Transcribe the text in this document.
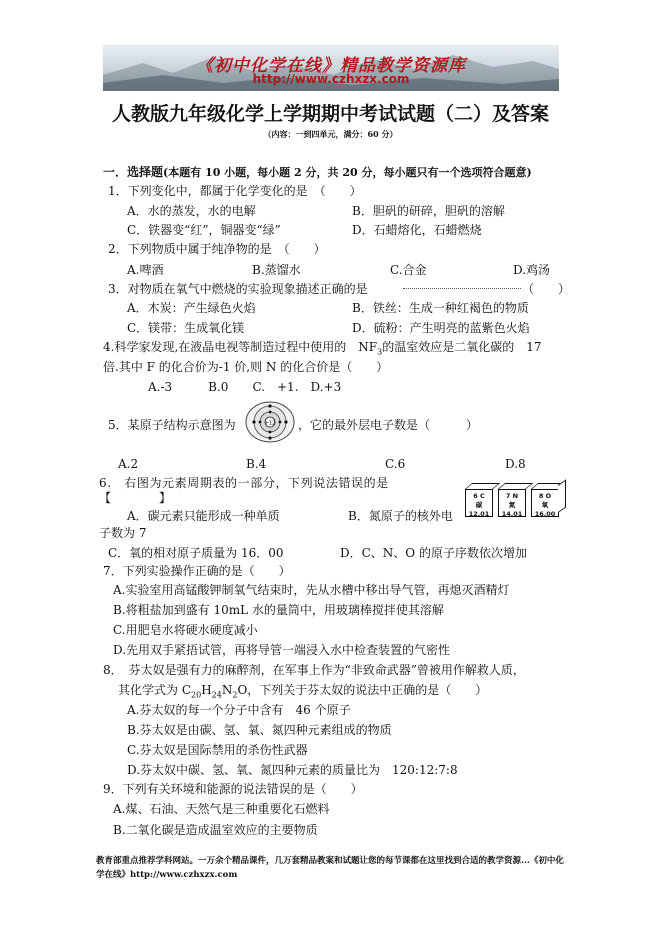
《初中化学在线》精品教学资源库
http://www.czhxzx.com
人教版九年级化学上学期期中考试试题（二）及答案
（内容：一到四单元，满分：60 分）
一．选择题(本题有 10 小题，每小题 2 分，共 20 分，每小题只有一个选项符合题意)
1．下列变化中，都属于化学变化的是　（　　）
A．水的蒸发，水的电解	B．胆矾的研碎，胆矾的溶解
C．铁器变“红”，铜器变“绿”	D．石蜡熔化，石蜡燃烧
2．下列物质中属于纯净物的是　（　　）
A.啤酒	B.蒸馏水	C.合金	D.鸡汤
3．对物质在氧气中燃烧的实验现象描述正确的是	（　　）
A．木炭：产生绿色火焰	B．铁丝：生成一种红褐色的物质
C．镁带：生成氧化镁	D．硫粉：产生明亮的蓝紫色火焰
4.科学家发现,在液晶电视等制造过程中使用的　$NF_3$的温室效应是二氧化碳的　17
倍.其中 F 的化合价为-1 价,则 N 的化合价是（　　）
A.-3　　　B.0　　C.　+1.　D.+3
5．某原子结构示意图为	+12 ，它的最外层电子数是（　　　）
A.2	B.4	C.6	D.8
6.　右图为元素周期表的一部分，下列说法错误的是
【　　　　】	6 C
碳
12.01
7 N
氮
14.01
8 O
氧
16.00
A．碳元素只能形成一种单质	B．氮原子的核外电
子数为 7
C．氧的相对原子质量为 16．00	D．C、N、O 的原子序数依次增加
7．下列实验操作正确的是（　　）
A.实验室用高锰酸钾制氧气结束时，先从水槽中移出导气管，再熄灭酒精灯
B.将粗盐加到盛有 10mL 水的量筒中，用玻璃棒搅拌使其溶解
C.用肥皂水将硬水硬度减小
D.先用双手紧捂试管，再将导管一端浸入水中检查装置的气密性
8．　芬太奴是强有力的麻醉剂，在军事上作为“非致命武器”曾被用作解救人质，
其化学式为 $C_{20}H_{24}N_2O$，下列关于芬太奴的说法中正确的是（　　）
A.芬太奴的每一个分子中含有　46 个原子
B.芬太奴是由碳、氢、氧、氮四种元素组成的物质
C.芬太奴是国际禁用的杀伤性武器
D.芬太奴中碳、氢、氧、氮四种元素的质量比为　120:12:7:8
9．下列有关环境和能源的说法错误的是（　　）
A.煤、石油、天然气是三种重要化石燃料
B.二氧化碳是造成温室效应的主要物质
教育部重点推荐学科网站。一万余个精品课件，几万套精品教案和试题让您的每节课都在这里找到合适的教学资源...《初中化学在线》http://www.czhxzx.com
